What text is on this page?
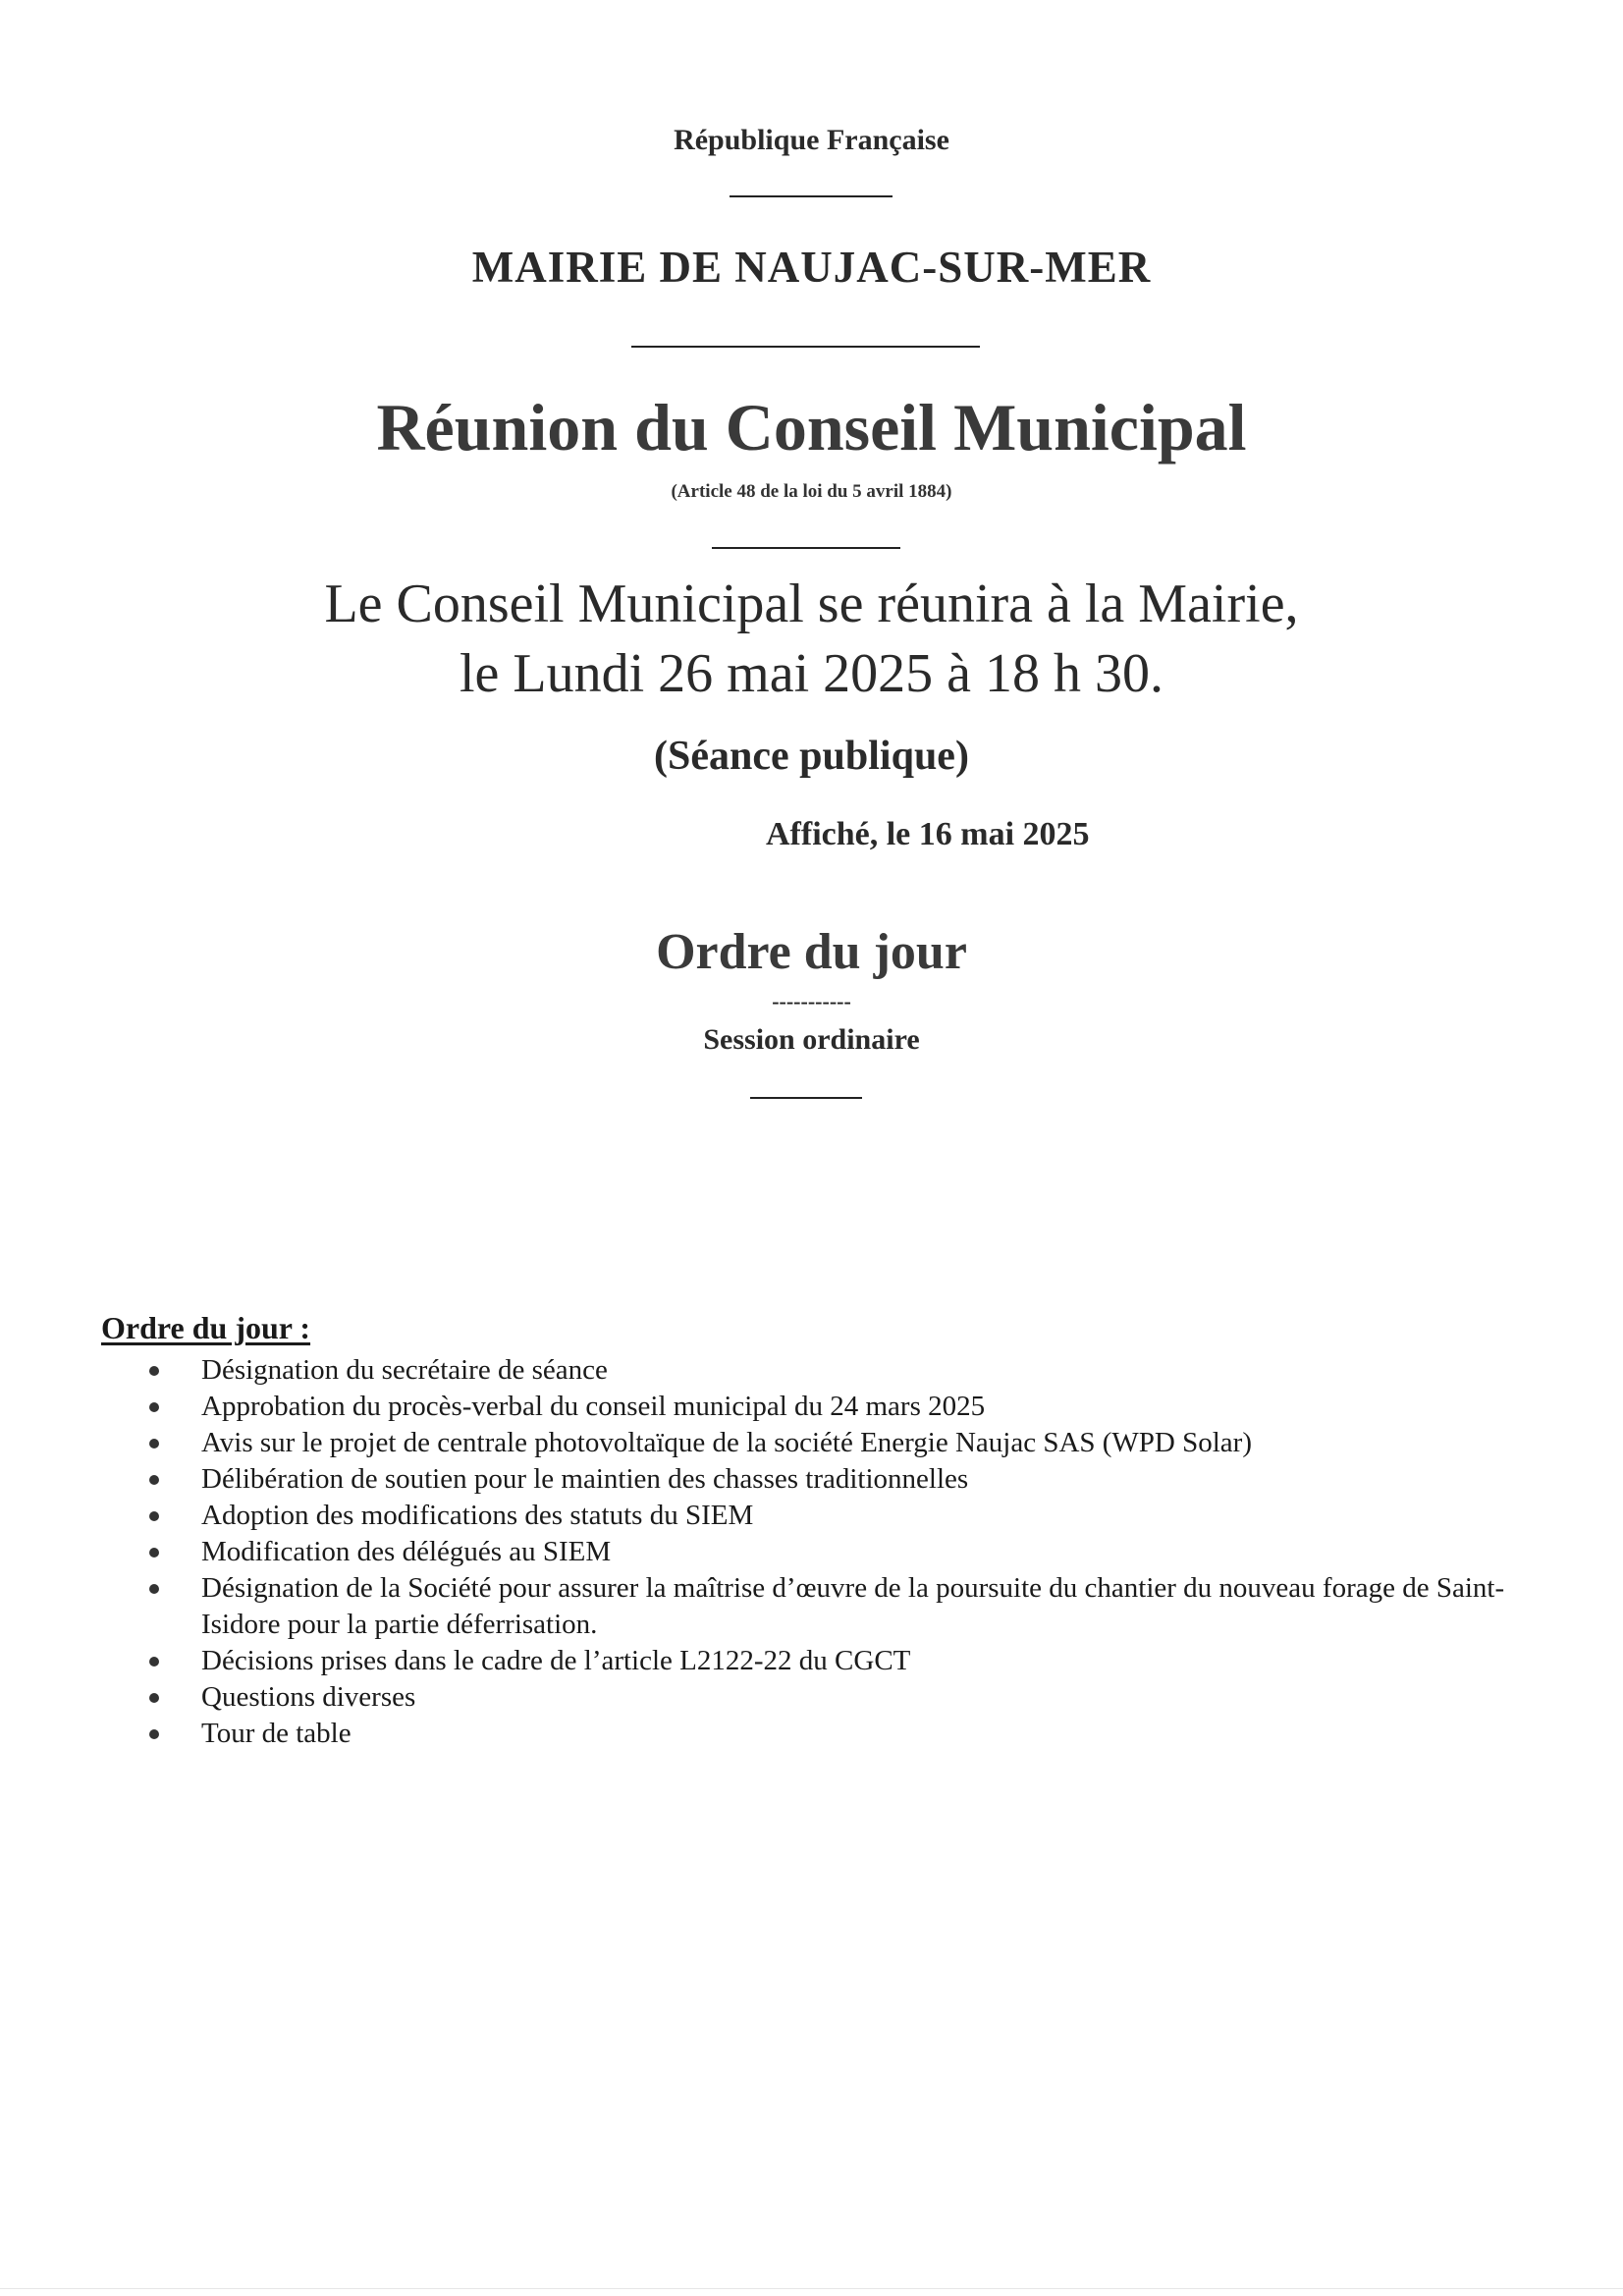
République Française
MAIRIE DE NAUJAC-SUR-MER
Réunion du Conseil Municipal
(Article 48 de la loi du 5 avril 1884)
Le Conseil Municipal se réunira à la Mairie,
le Lundi 26 mai 2025 à 18 h 30.
(Séance publique)
Affiché, le 16 mai 2025
Ordre du jour
-----------
Session ordinaire
Ordre du jour :
Désignation du secrétaire de séance
Approbation du procès-verbal du conseil municipal du 24 mars 2025
Avis sur le projet de centrale photovoltaïque de la société Energie Naujac SAS (WPD Solar)
Délibération de soutien pour le maintien des chasses traditionnelles
Adoption des modifications des statuts du SIEM
Modification des délégués au SIEM
Désignation de la Société pour assurer la maîtrise d’œuvre de la poursuite du chantier du nouveau forage de Saint-Isidore pour la partie déferrisation.
Décisions prises dans le cadre de l’article L2122-22 du CGCT
Questions diverses
Tour de table
